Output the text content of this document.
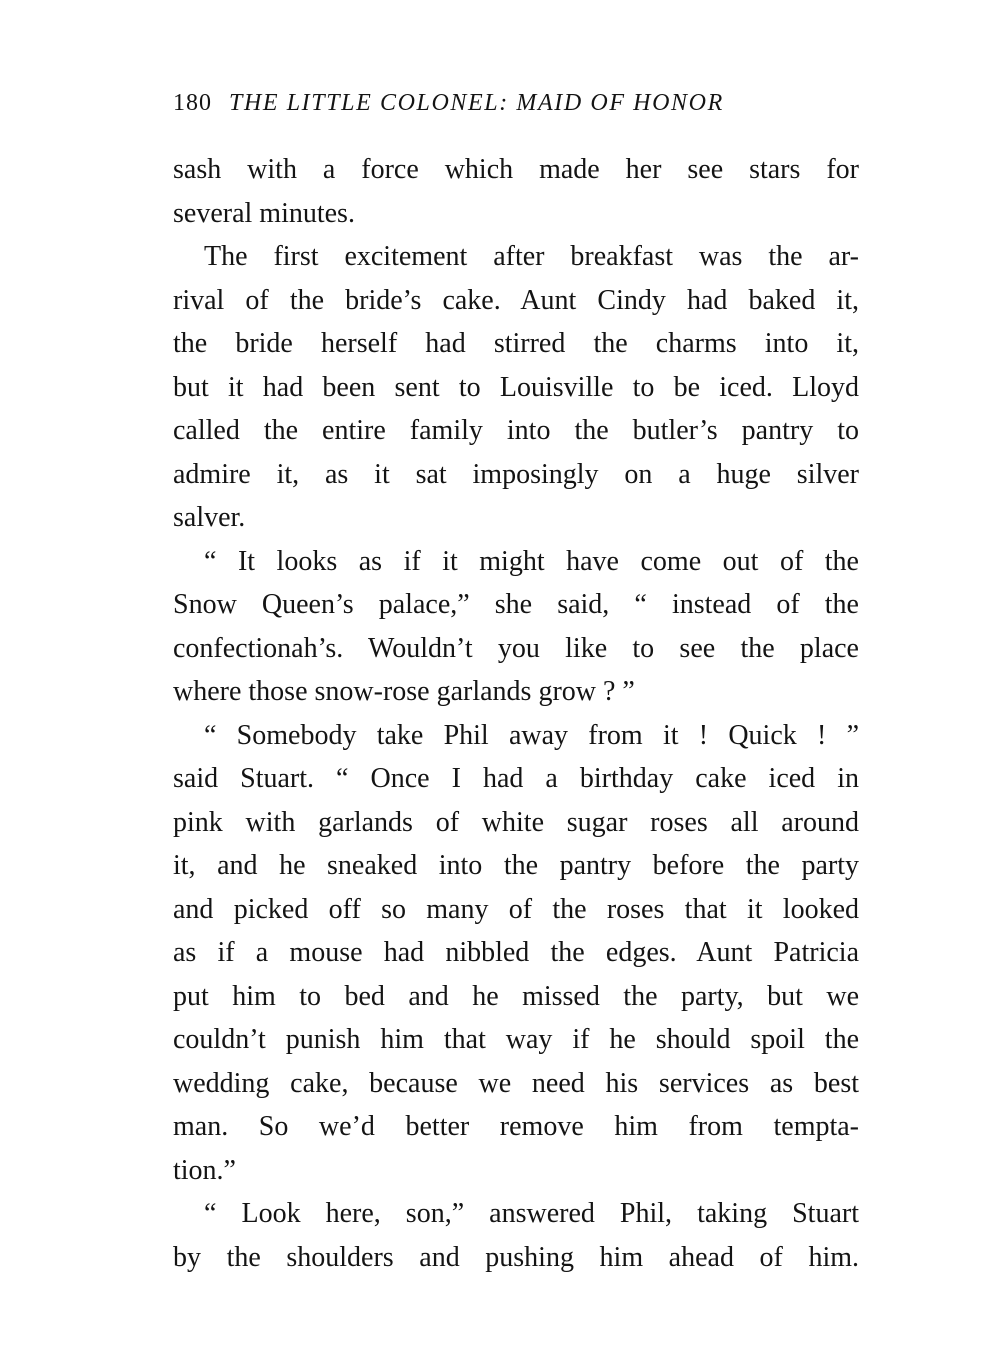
180 THE LITTLE COLONEL: MAID OF HONOR
sash with a force which made her see stars for
several minutes.
The first excitement after breakfast was the ar-
rival of the bride’s cake. Aunt Cindy had baked it,
the bride herself had stirred the charms into it,
but it had been sent to Louisville to be iced. Lloyd
called the entire family into the butler’s pantry to
admire it, as it sat imposingly on a huge silver
salver.
“ It looks as if it might have come out of the
Snow Queen’s palace,” she said, “ instead of the
confectionah’s. Wouldn’t you like to see the place
where those snow-rose garlands grow ? ”
“ Somebody take Phil away from it ! Quick ! ”
said Stuart. “ Once I had a birthday cake iced in
pink with garlands of white sugar roses all around
it, and he sneaked into the pantry before the party
and picked off so many of the roses that it looked
as if a mouse had nibbled the edges. Aunt Patricia
put him to bed and he missed the party, but we
couldn’t punish him that way if he should spoil the
wedding cake, because we need his services as best
man. So we’d better remove him from tempta-
tion.”
“ Look here, son,” answered Phil, taking Stuart
by the shoulders and pushing him ahead of him.
